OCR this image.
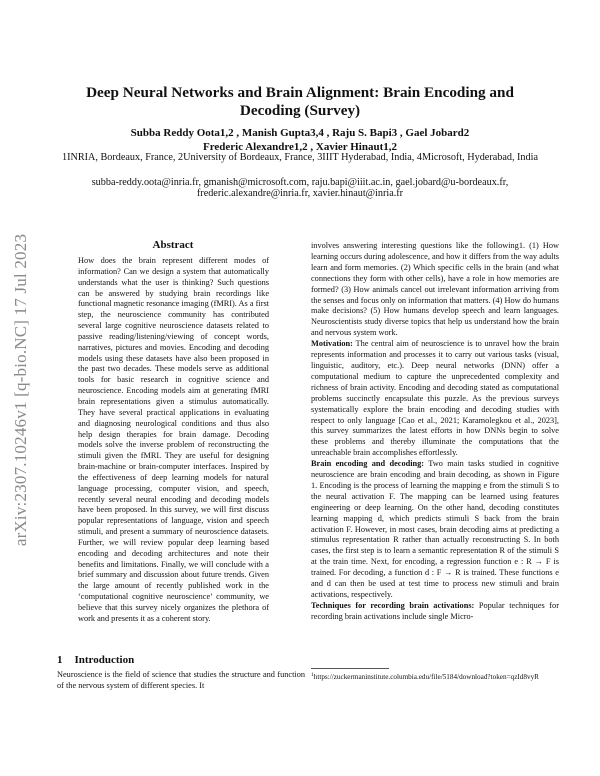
arXiv:2307.10246v1 [q-bio.NC] 17 Jul 2023
Deep Neural Networks and Brain Alignment: Brain Encoding and Decoding (Survey)
Subba Reddy Oota1,2 , Manish Gupta3,4 , Raju S. Bapi3 , Gael Jobard2
Frederic Alexandre1,2 , Xavier Hinaut1,2
1INRIA, Bordeaux, France, 2University of Bordeaux, France, 3IIIT Hyderabad, India, 4Microsoft, Hyderabad, India
subba-reddy.oota@inria.fr, gmanish@microsoft.com, raju.bapi@iiit.ac.in, gael.jobard@u-bordeaux.fr,
frederic.alexandre@inria.fr, xavier.hinaut@inria.fr
Abstract
How does the brain represent different modes of information? Can we design a system that automatically understands what the user is thinking? Such questions can be answered by studying brain recordings like functional magnetic resonance imaging (fMRI). As a first step, the neuroscience community has contributed several large cognitive neuroscience datasets related to passive reading/listening/viewing of concept words, narratives, pictures and movies. Encoding and decoding models using these datasets have also been proposed in the past two decades. These models serve as additional tools for basic research in cognitive science and neuroscience. Encoding models aim at generating fMRI brain representations given a stimulus automatically. They have several practical applications in evaluating and diagnosing neurological conditions and thus also help design therapies for brain damage. Decoding models solve the inverse problem of reconstructing the stimuli given the fMRI. They are useful for designing brain-machine or brain-computer interfaces. Inspired by the effectiveness of deep learning models for natural language processing, computer vision, and speech, recently several neural encoding and decoding models have been proposed. In this survey, we will first discuss popular representations of language, vision and speech stimuli, and present a summary of neuroscience datasets. Further, we will review popular deep learning based encoding and decoding architectures and note their benefits and limitations. Finally, we will conclude with a brief summary and discussion about future trends. Given the large amount of recently published work in the ‘computational cognitive neuroscience’ community, we believe that this survey nicely organizes the plethora of work and presents it as a coherent story.
1 Introduction
Neuroscience is the field of science that studies the structure and function of the nervous system of different species. It

involves answering interesting questions like the following1. (1) How learning occurs during adolescence, and how it differs from the way adults learn and form memories. (2) Which specific cells in the brain (and what connections they form with other cells), have a role in how memories are formed? (3) How animals cancel out irrelevant information arriving from the senses and focus only on information that matters. (4) How do humans make decisions? (5) How humans develop speech and learn languages. Neuroscientists study diverse topics that help us understand how the brain and nervous system work.

Motivation: The central aim of neuroscience is to unravel how the brain represents information and processes it to carry out various tasks (visual, linguistic, auditory, etc.). Deep neural networks (DNN) offer a computational medium to capture the unprecedented complexity and richness of brain activity. Encoding and decoding stated as computational problems succinctly encapsulate this puzzle. As the previous surveys systematically explore the brain encoding and decoding studies with respect to only language [Cao et al., 2021; Karamolegkou et al., 2023], this survey summarizes the latest efforts in how DNNs begin to solve these problems and thereby illuminate the computations that the unreachable brain accomplishes effortlessly.

Brain encoding and decoding: Two main tasks studied in cognitive neuroscience are brain encoding and brain decoding, as shown in Figure 1. Encoding is the process of learning the mapping e from the stimuli S to the neural activation F. The mapping can be learned using features engineering or deep learning. On the other hand, decoding constitutes learning mapping d, which predicts stimuli S back from the brain activation F. However, in most cases, brain decoding aims at predicting a stimulus representation R rather than actually reconstructing S. In both cases, the first step is to learn a semantic representation R of the stimuli S at the train time. Next, for encoding, a regression function e : R → F is trained. For decoding, a function d : F → R is trained. These functions e and d can then be used at test time to process new stimuli and brain activations, respectively.

Techniques for recording brain activations: Popular techniques for recording brain activations include single Micro-

$^1$https://zuckermaninstitute.columbia.edu/file/5184/download?token=qzId8vyR
